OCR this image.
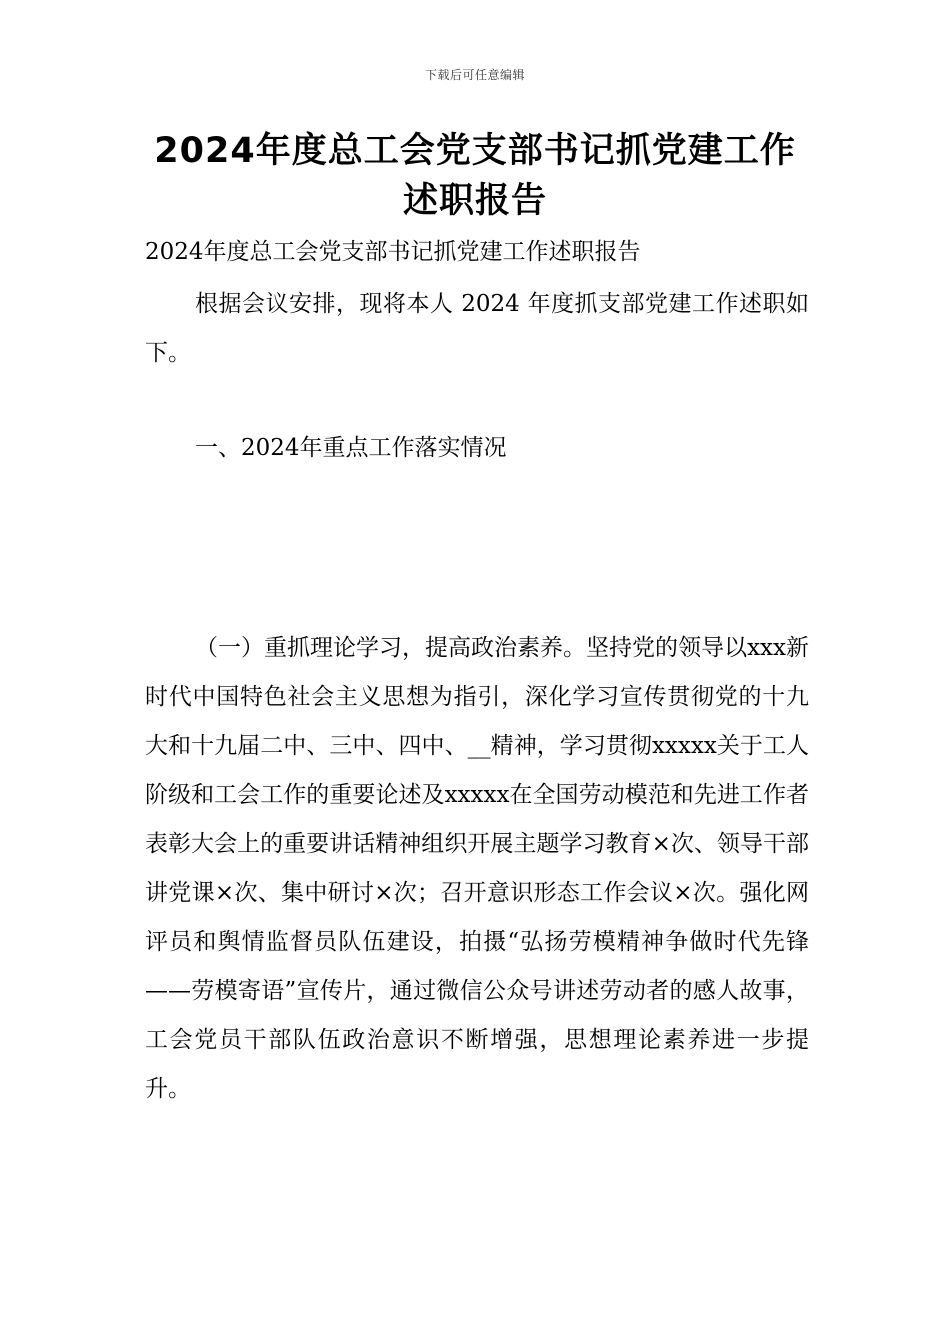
下载后可任意编辑
2024年度总工会党支部书记抓党建工作述职报告

2024年度总工会党支部书记抓党建工作述职报告

根据会议安排，现将本人 2024 年度抓支部党建工作述职如下。

一、2024年重点工作落实情况

（一）重抓理论学习，提高政治素养。坚持党的领导以xxx新时代中国特色社会主义思想为指引，深化学习宣传贯彻党的十九大和十九届二中、三中、四中、__精神，学习贯彻xxxxx关于工人阶级和工会工作的重要论述及xxxxx在全国劳动模范和先进工作者表彰大会上的重要讲话精神组织开展主题学习教育×次、领导干部讲党课×次、集中研讨×次；召开意识形态工作会议×次。强化网评员和舆情监督员队伍建设，拍摄“弘扬劳模精神争做时代先锋——劳模寄语”宣传片，通过微信公众号讲述劳动者的感人故事，工会党员干部队伍政治意识不断增强，思想理论素养进一步提升。
